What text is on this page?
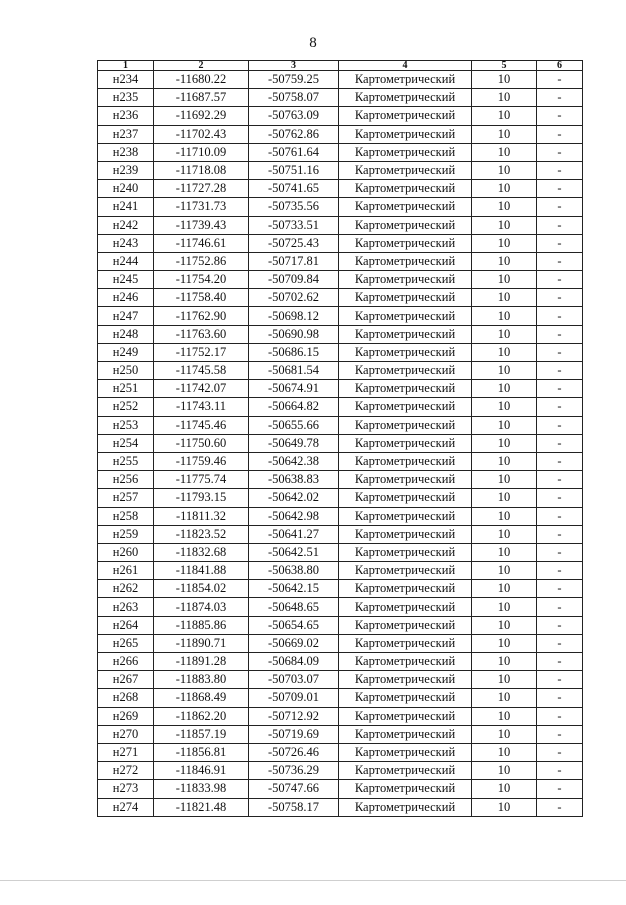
8
1	2	3	4	5	6
н234	-11680.22	-50759.25	Картометрический	10	-
н235	-11687.57	-50758.07	Картометрический	10	-
н236	-11692.29	-50763.09	Картометрический	10	-
н237	-11702.43	-50762.86	Картометрический	10	-
н238	-11710.09	-50761.64	Картометрический	10	-
н239	-11718.08	-50751.16	Картометрический	10	-
н240	-11727.28	-50741.65	Картометрический	10	-
н241	-11731.73	-50735.56	Картометрический	10	-
н242	-11739.43	-50733.51	Картометрический	10	-
н243	-11746.61	-50725.43	Картометрический	10	-
н244	-11752.86	-50717.81	Картометрический	10	-
н245	-11754.20	-50709.84	Картометрический	10	-
н246	-11758.40	-50702.62	Картометрический	10	-
н247	-11762.90	-50698.12	Картометрический	10	-
н248	-11763.60	-50690.98	Картометрический	10	-
н249	-11752.17	-50686.15	Картометрический	10	-
н250	-11745.58	-50681.54	Картометрический	10	-
н251	-11742.07	-50674.91	Картометрический	10	-
н252	-11743.11	-50664.82	Картометрический	10	-
н253	-11745.46	-50655.66	Картометрический	10	-
н254	-11750.60	-50649.78	Картометрический	10	-
н255	-11759.46	-50642.38	Картометрический	10	-
н256	-11775.74	-50638.83	Картометрический	10	-
н257	-11793.15	-50642.02	Картометрический	10	-
н258	-11811.32	-50642.98	Картометрический	10	-
н259	-11823.52	-50641.27	Картометрический	10	-
н260	-11832.68	-50642.51	Картометрический	10	-
н261	-11841.88	-50638.80	Картометрический	10	-
н262	-11854.02	-50642.15	Картометрический	10	-
н263	-11874.03	-50648.65	Картометрический	10	-
н264	-11885.86	-50654.65	Картометрический	10	-
н265	-11890.71	-50669.02	Картометрический	10	-
н266	-11891.28	-50684.09	Картометрический	10	-
н267	-11883.80	-50703.07	Картометрический	10	-
н268	-11868.49	-50709.01	Картометрический	10	-
н269	-11862.20	-50712.92	Картометрический	10	-
н270	-11857.19	-50719.69	Картометрический	10	-
н271	-11856.81	-50726.46	Картометрический	10	-
н272	-11846.91	-50736.29	Картометрический	10	-
н273	-11833.98	-50747.66	Картометрический	10	-
н274	-11821.48	-50758.17	Картометрический	10	-
